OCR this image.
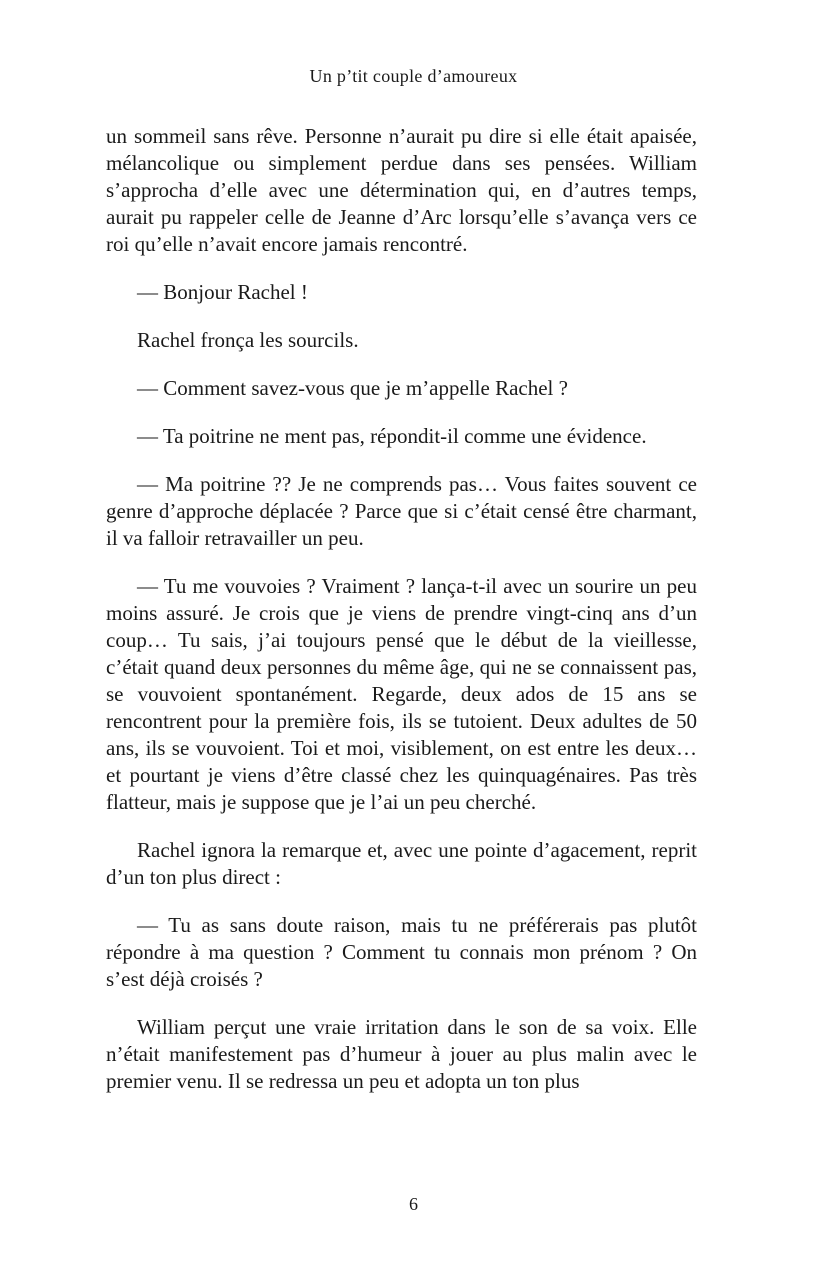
Un p’tit couple d’amoureux

un sommeil sans rêve. Personne n’aurait pu dire si elle était apaisée, mélancolique ou simplement perdue dans ses pensées. William s’approcha d’elle avec une détermination qui, en d’autres temps, aurait pu rappeler celle de Jeanne d’Arc lorsqu’elle s’avança vers ce roi qu’elle n’avait encore jamais rencontré.

— Bonjour Rachel !

Rachel fronça les sourcils.

— Comment savez-vous que je m’appelle Rachel ?

— Ta poitrine ne ment pas, répondit-il comme une évidence.

— Ma poitrine ?? Je ne comprends pas… Vous faites souvent ce genre d’approche déplacée ? Parce que si c’était censé être charmant, il va falloir retravailler un peu.

— Tu me vouvoies ? Vraiment ? lança-t-il avec un sourire un peu moins assuré. Je crois que je viens de prendre vingt-cinq ans d’un coup… Tu sais, j’ai toujours pensé que le début de la vieillesse, c’était quand deux personnes du même âge, qui ne se connaissent pas, se vouvoient spontanément. Regarde, deux ados de 15 ans se rencontrent pour la première fois, ils se tutoient. Deux adultes de 50 ans, ils se vouvoient. Toi et moi, visiblement, on est entre les deux… et pourtant je viens d’être classé chez les quinquagénaires. Pas très flatteur, mais je suppose que je l’ai un peu cherché.

Rachel ignora la remarque et, avec une pointe d’agacement, reprit d’un ton plus direct :

— Tu as sans doute raison, mais tu ne préférerais pas plutôt répondre à ma question ? Comment tu connais mon prénom ? On s’est déjà croisés ?

William perçut une vraie irritation dans le son de sa voix. Elle n’était manifestement pas d’humeur à jouer au plus malin avec le premier venu. Il se redressa un peu et adopta un ton plus

6
